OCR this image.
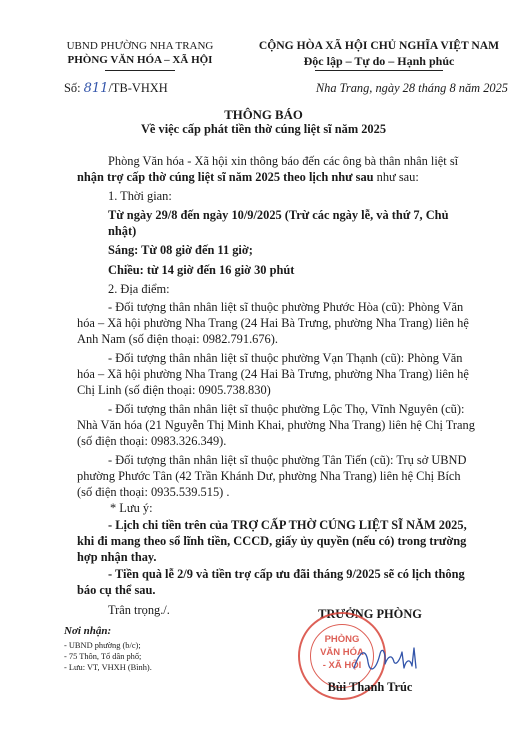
UBND PHƯỜNG NHA TRANG
PHÒNG VĂN HÓA – XÃ HỘI
CỘNG HÒA XÃ HỘI CHỦ NGHĨA VIỆT NAM
Độc lập – Tự do – Hạnh phúc
Số: 811/TB-VHXH	Nha Trang, ngày 28 tháng 8 năm 2025
THÔNG BÁO
Về việc cấp phát tiền thờ cúng liệt sĩ năm 2025
Phòng Văn hóa - Xã hội xin thông báo đến các ông bà thân nhân liệt sĩ
nhận trợ cấp thờ cúng liệt sĩ năm 2025 theo lịch như sau như sau:
1. Thời gian:
Từ ngày 29/8 đến ngày 10/9/2025 (Trừ các ngày lễ, và thứ 7, Chủ
nhật)
Sáng: Từ 08 giờ đến 11 giờ;
Chiều: từ 14 giờ đến 16 giờ 30 phút
2. Địa điểm:
- Đối tượng thân nhân liệt sĩ thuộc phường Phước Hòa (cũ): Phòng Văn
hóa – Xã hội phường Nha Trang (24 Hai Bà Trưng, phường Nha Trang) liên hệ
Anh Nam (số điện thoại: 0982.791.676).
- Đối tượng thân nhân liệt sĩ thuộc phường Vạn Thạnh (cũ): Phòng Văn
hóa – Xã hội phường Nha Trang (24 Hai Bà Trưng, phường Nha Trang) liên hệ
Chị Linh (số điện thoại: 0905.738.830)
- Đối tượng thân nhân liệt sĩ thuộc phường Lộc Thọ, Vĩnh Nguyên (cũ):
Nhà Văn hóa (21 Nguyễn Thị Minh Khai, phường Nha Trang) liên hệ Chị Trang
(số điện thoại: 0983.326.349).
- Đối tượng thân nhân liệt sĩ thuộc phường Tân Tiến (cũ): Trụ sở UBND
phường Phước Tân (42 Trần Khánh Dư, phường Nha Trang) liên hệ Chị Bích
(số điện thoại: 0935.539.515) .
* Lưu ý:
- Lịch chi tiền trên của TRỢ CẤP THỜ CÚNG LIỆT SĨ NĂM 2025,
khi đi mang theo sổ lĩnh tiền, CCCD, giấy ủy quyền (nếu có) trong trường
hợp nhận thay.
- Tiền quà lễ 2/9 và tiền trợ cấp ưu đãi tháng 9/2025 sẽ có lịch thông
báo cụ thể sau.
Trân trọng./.
Nơi nhận:
- UBND phường (b/c);
- 75 Thôn, Tổ dân phố;
- Lưu: VT, VHXH (Bình).
TRƯỞNG PHÒNG
PHÒNG
VĂN HÓA
- XÃ HỘI
Bùi Thanh Trúc
